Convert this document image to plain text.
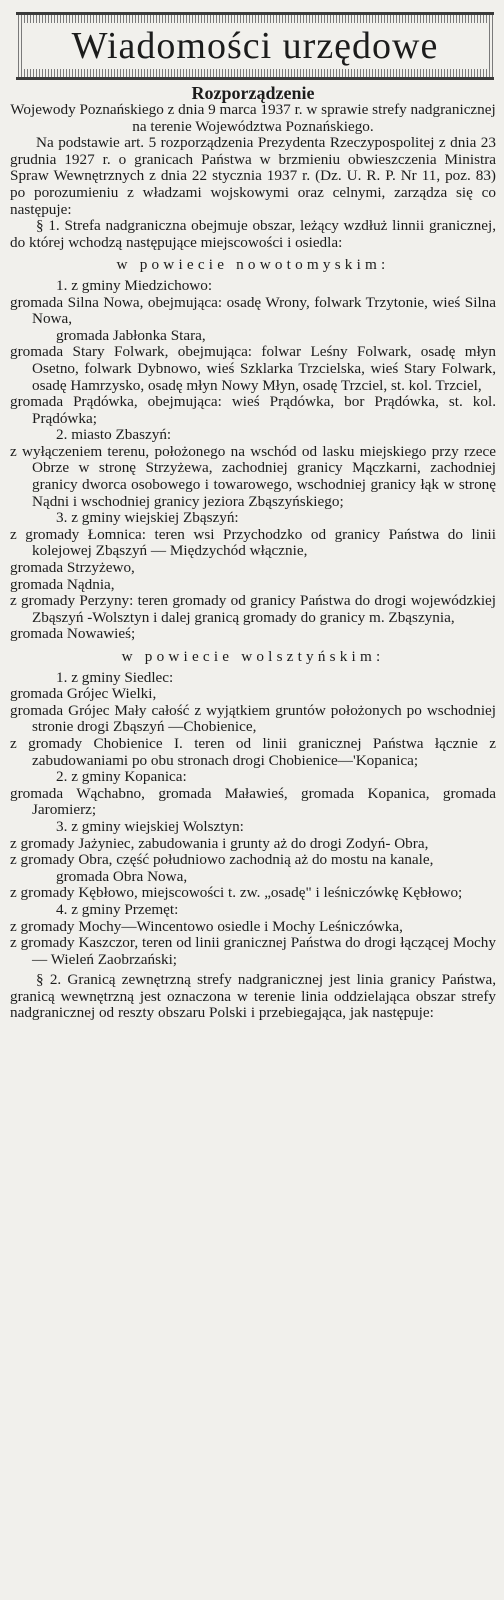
Wiadomości urzędowe
Rozporządzenie

Wojewody Poznańskiego z dnia 9 marca 1937 r. w sprawie strefy nadgranicznej na terenie Województwa Poznańskiego.

Na podstawie art. 5 rozporządzenia Prezydenta Rzeczypospolitej z dnia 23 grudnia 1927 r. o granicach Państwa w brzmieniu obwieszczenia Ministra Spraw Wewnętrznych z dnia 22 stycznia 1937 r. (Dz. U. R. P. Nr 11, poz. 83) po porozumieniu z władzami wojskowymi oraz celnymi, zarządza się co następuje:

§ 1. Strefa nadgraniczna obejmuje obszar, leżący wzdłuż linnii granicznej, do której wchodzą następujące miejscowości i osiedla:

w powiecie nowotomyskim:

1. z gminy Miedzichowo:

gromada Silna Nowa, obejmująca: osadę Wrony, folwark Trzytonie, wieś Silna Nowa,

gromada Jabłonka Stara,

gromada Stary Folwark, obejmująca: folwar Leśny Folwark, osadę młyn Osetno, folwark Dybnowo, wieś Szklarka Trzcielska, wieś Stary Folwark, osadę Hamrzysko, osadę młyn Nowy Młyn, osadę Trzciel, st. kol. Trzciel,

gromada Prądówka, obejmująca: wieś Prądówka, bor Prądówka, st. kol. Prądówka;

2. miasto Zbaszyń:

z wyłączeniem terenu, położonego na wschód od lasku miejskiego przy rzece Obrze w stronę Strzyżewa, zachodniej granicy Mączkarni, zachodniej granicy dworca osobowego i towarowego, wschodniej granicy łąk w stronę Nądni i wschodniej granicy jeziora Zbąszyńskiego;

3. z gminy wiejskiej Zbąszyń:

z gromady Łomnica: teren wsi Przychodzko od granicy Państwa do linii kolejowej Zbąszyń — Międzychód włącznie,

gromada Strzyżewo,

gromada Nądnia,

z gromady Perzyny: teren gromady od granicy Państwa do drogi wojewódzkiej Zbąszyń -Wolsztyn i dalej granicą gromady do granicy m. Zbąszynia,

gromada Nowawieś;

w powiecie wolsztyńskim:

1. z gminy Siedlec:

gromada Grójec Wielki,

gromada Grójec Mały całość z wyjątkiem gruntów położonych po wschodniej stronie drogi Zbąszyń —Chobienice,

z gromady Chobienice I. teren od linii granicznej Państwa łącznie z zabudowaniami po obu stronach drogi Chobienice—'Kopanica;

2. z gminy Kopanica:

gromada Wąchabno, gromada Maławieś, gromada Kopanica, gromada Jaromierz;

3. z gminy wiejskiej Wolsztyn:

z gromady Jażyniec, zabudowania i grunty aż do drogi Zodyń- Obra,

z gromady Obra, część południowo zachodnią aż do mostu na kanale,

gromada Obra Nowa,

z gromady Kębłowo, miejscowości t. zw. „osadę" i leśniczówkę Kębłowo;

4. z gminy Przemęt:

z gromady Mochy—Wincentowo osiedle i Mochy Leśniczówka,

z gromady Kaszczor, teren od linii granicznej Państwa do drogi łączącej Mochy — Wieleń Zaobrzański;

§ 2. Granicą zewnętrzną strefy nadgranicznej jest linia granicy Państwa, granicą wewnętrzną jest oznaczona w terenie linia oddzielająca obszar strefy nadgranicznej od reszty obszaru Polski i przebiegająca, jak następuje:
